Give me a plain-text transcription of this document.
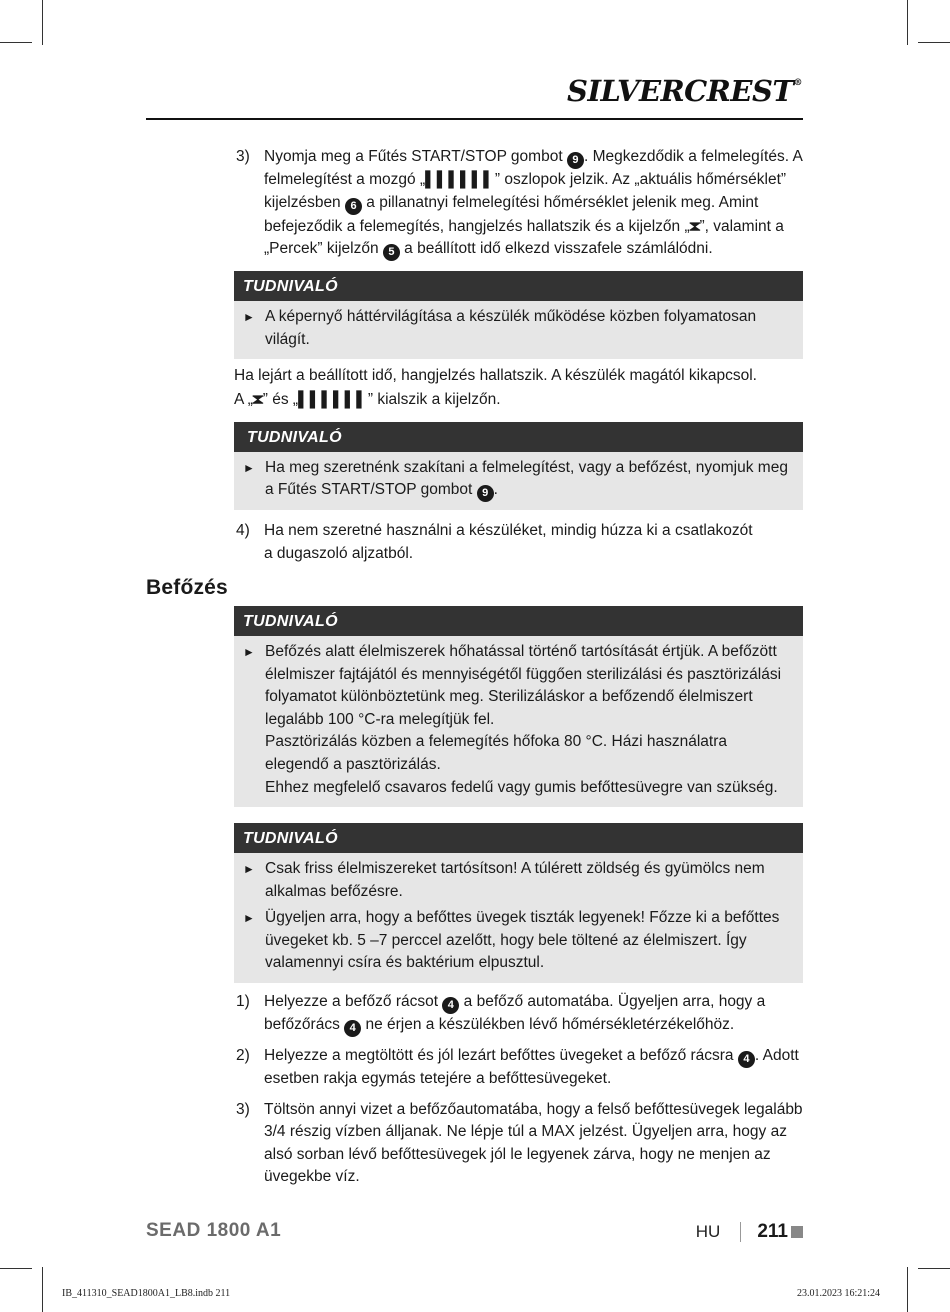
SILVERCREST®
3) Nyomja meg a Fűtés START/STOP gombot 9 . Megkezdődik a felmelegítés. A felmelegítést a mozgó „▌▌▌▌▌▌” oszlopok jelzik. Az „aktuális hőmérséklet” kijelzésben 6 a pillanatnyi felmelegítési hőmérséklet jelenik meg. Amint befejeződik a felemegítés, hangjelzés hallatszik és a kijelzőn „⧗”, valamint a „Percek” kijelzőn 5 a beállított idő elkezd visszafele számlálódni.
TUDNIVALÓ
► A képernyő háttérvilágítása a készülék működése közben folyamatosan világít.
Ha lejárt a beállított idő, hangjelzés hallatszik. A készülék magától kikapcsol.
A „⧗” és „▌▌▌▌▌▌” kialszik a kijelzőn.
TUDNIVALÓ
► Ha meg szeretnénk szakítani a felmelegítést, vagy a befőzést, nyomjuk meg a Fűtés START/STOP gombot 9 .
4) Ha nem szeretné használni a készüléket, mindig húzza ki a csatlakozót a dugaszoló aljzatból.
Befőzés
TUDNIVALÓ
► Befőzés alatt élelmiszerek hőhatással történő tartósítását értjük. A befőzött élelmiszer fajtájától és mennyiségétől függően sterilizálási és pasztörizálási folyamatot különböztetünk meg. Sterilizáláskor a befőzendő élelmiszert legalább 100 °C-ra melegítjük fel.
Pasztörizálás közben a felemegítés hőfoka 80 °C. Házi használatra elegendő a pasztörizálás.
Ehhez megfelelő csavaros fedelű vagy gumis befőttesüvegre van szükség.
TUDNIVALÓ
► Csak friss élelmiszereket tartósítson! A túlérett zöldség és gyümölcs nem alkalmas befőzésre.
► Ügyeljen arra, hogy a befőttes üvegek tiszták legyenek! Főzze ki a befőttes üvegeket kb. 5 –7 perccel azelőtt, hogy bele töltené az élelmiszert. Így valamennyi csíra és baktérium elpusztul.
1) Helyezze a befőző rácsot 4 a befőző automatába. Ügyeljen arra, hogy a befőzőrács 4 ne érjen a készülékben lévő hőmérsékletérzékelőhöz.
2) Helyezze a megtöltött és jól lezárt befőttes üvegeket a befőző rácsra 4 . Adott esetben rakja egymás tetejére a befőttesüvegeket.
3) Töltsön annyi vizet a befőzőautomatába, hogy a felső befőttesüvegek legalább 3/4 részig vízben álljanak. Ne lépje túl a MAX jelzést. Ügyeljen arra, hogy az alsó sorban lévő befőttesüvegek jól le legyenek zárva, hogy ne menjen az üvegekbe víz.
SEAD 1800 A1	HU 211
IB_411310_SEAD1800A1_LB8.indb 211	23.01.2023 16:21:24
